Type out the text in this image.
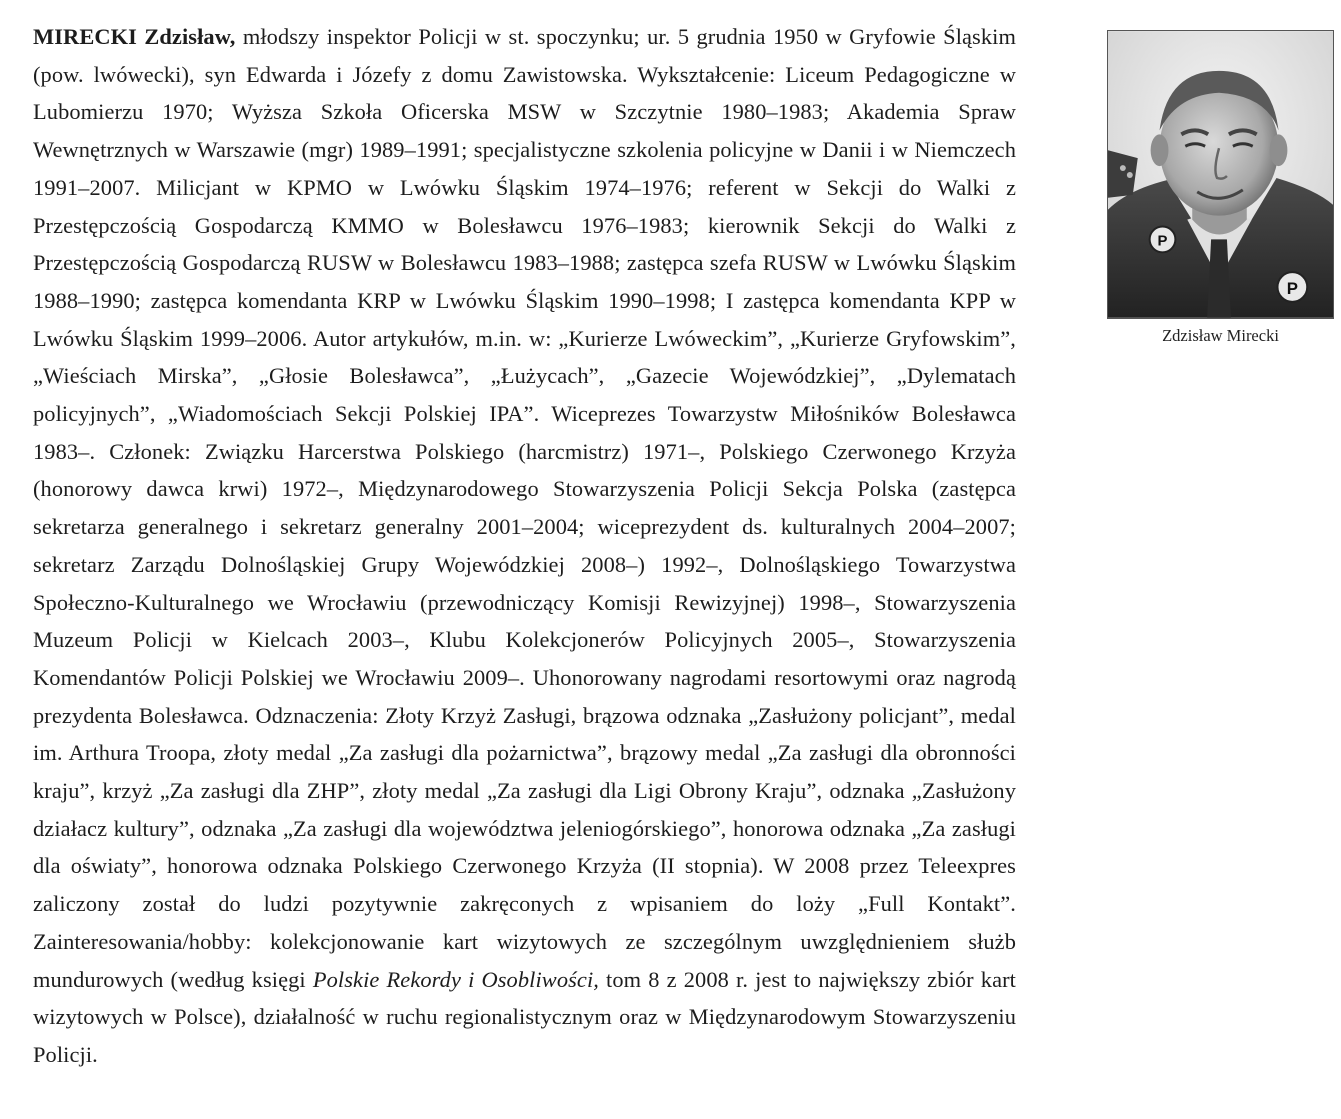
MIRECKI Zdzisław, młodszy inspektor Policji w st. spoczynku; ur. 5 grudnia 1950 w Gryfowie Śląskim (pow. lwówecki), syn Edwarda i Józefy z domu Zawistowska. Wykształcenie: Liceum Pedagogiczne w Lubomierzu 1970; Wyższa Szkoła Oficerska MSW w Szczytnie 1980–1983; Akademia Spraw Wewnętrznych w Warszawie (mgr) 1989–1991; specjalistyczne szkolenia policyjne w Danii i w Niemczech 1991–2007. Milicjant w KPMO w Lwówku Śląskim 1974–1976; referent w Sekcji do Walki z Przestępczością Gospodarczą KMMO w Bolesławcu 1976–1983; kierownik Sekcji do Walki z Przestępczością Gospodarczą RUSW w Bolesławcu 1983–1988; zastępca szefa RUSW w Lwówku Śląskim 1988–1990; zastępca komendanta KRP w Lwówku Śląskim 1990–1998; I zastępca komendanta KPP w Lwówku Śląskim 1999–2006. Autor artykułów, m.in. w: „Kurierze Lwóweckim”, „Kurierze Gryfowskim”, „Wieściach Mirska”, „Głosie Bolesławca”, „Łużycach”, „Gazecie Wojewódzkiej”, „Dylematach policyjnych”, „Wiadomościach Sekcji Polskiej IPA”. Wiceprezes Towarzystw Miłośników Bolesławca 1983–. Członek: Związku Harcerstwa Polskiego (harcmistrz) 1971–, Polskiego Czerwonego Krzyża (honorowy dawca krwi) 1972–, Międzynarodowego Stowarzyszenia Policji Sekcja Polska (zastępca sekretarza generalnego i sekretarz generalny 2001–2004; wiceprezydent ds. kulturalnych 2004–2007; sekretarz Zarządu Dolnośląskiej Grupy Wojewódzkiej 2008–) 1992–, Dolnośląskiego Towarzystwa Społeczno-Kulturalnego we Wrocławiu (przewodniczący Komisji Rewizyjnej) 1998–, Stowarzyszenia Muzeum Policji w Kielcach 2003–, Klubu Kolekcjonerów Policyjnych 2005–, Stowarzyszenia Komendantów Policji Polskiej we Wrocławiu 2009–. Uhonorowany nagrodami resortowymi oraz nagrodą prezydenta Bolesławca. Odznaczenia: Złoty Krzyż Zasługi, brązowa odznaka „Zasłużony policjant”, medal im. Arthura Troopa, złoty medal „Za zasługi dla pożarnictwa”, brązowy medal „Za zasługi dla obronności kraju”, krzyż „Za zasługi dla ZHP”, złoty medal „Za zasługi dla Ligi Obrony Kraju”, odznaka „Zasłużony działacz kultury”, odznaka „Za zasługi dla województwa jeleniogórskiego”, honorowa odznaka „Za zasługi dla oświaty”, honorowa odznaka Polskiego Czerwonego Krzyża (II stopnia). W 2008 przez Teleexpres zaliczony został do ludzi pozytywnie zakręconych z wpisaniem do loży „Full Kontakt”. Zainteresowania/hobby: kolekcjonowanie kart wizytowych ze szczególnym uwzględnieniem służb mundurowych (według księgi Polskie Rekordy i Osobliwości, tom 8 z 2008 r. jest to największy zbiór kart wizytowych w Polsce), działalność w ruchu regionalistycznym oraz w Międzynarodowym Stowarzyszeniu Policji.
P
P
Zdzisław Mirecki
